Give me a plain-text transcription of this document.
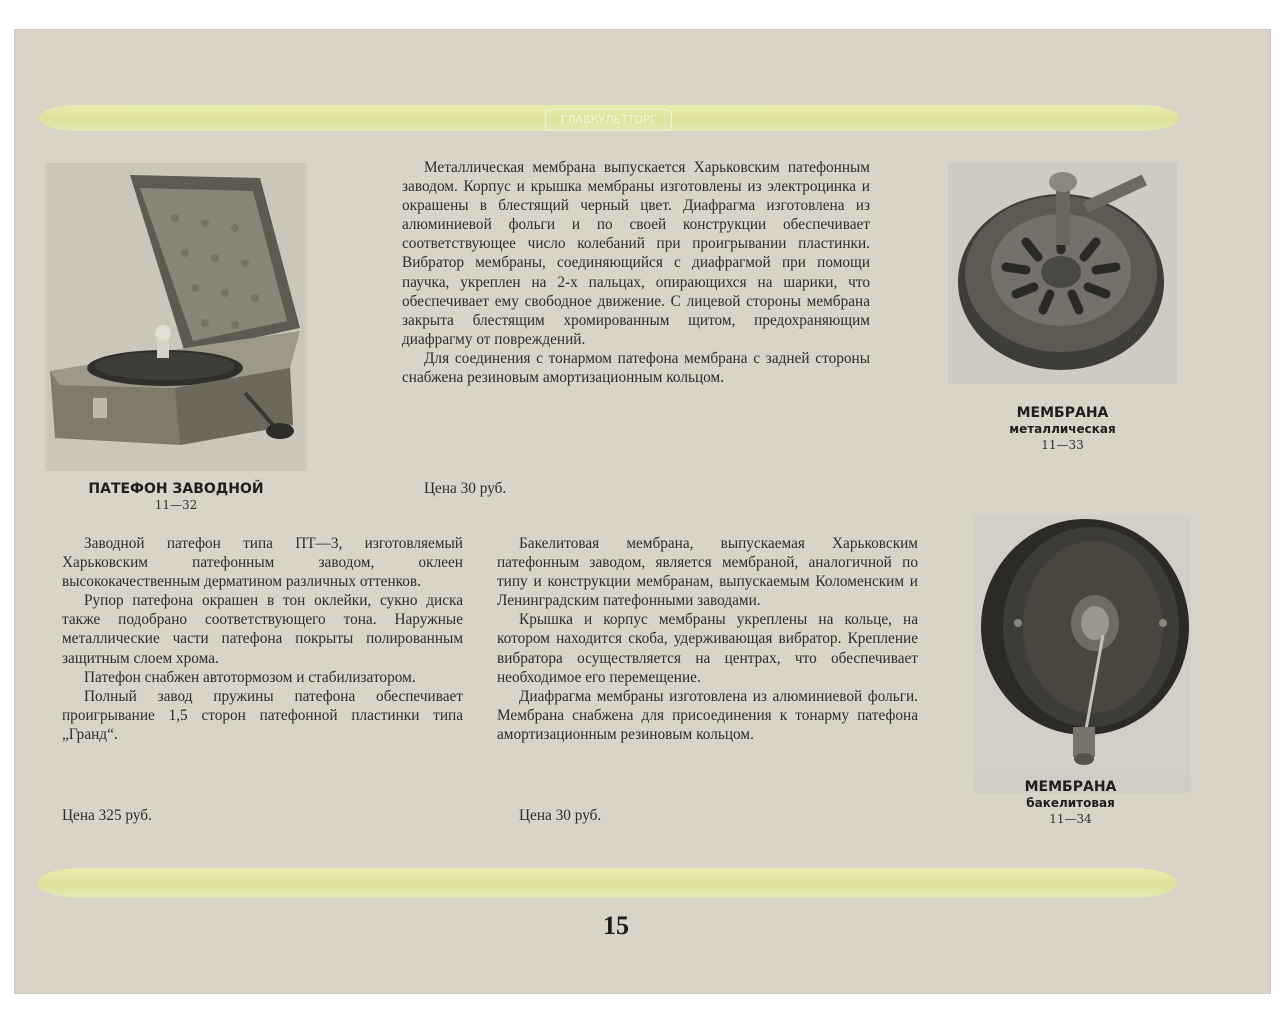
ГЛАВКУЛЬТТОРГ
ПАТЕФОН ЗАВОДНОЙ
11—32

Металлическая мембрана выпускается Харьковским патефонным заводом. Корпус и крышка мембраны изготовлены из электроцинка и окрашены в блестящий черный цвет. Диафрагма изготовлена из алюминиевой фольги и по своей конструкции обеспечивает соответствующее число колебаний при проигрывании пластинки. Вибратор мембраны, соединяющийся с диафрагмой при помощи паучка, укреплен на 2-х пальцах, опирающихся на шарики, что обеспечивает ему свободное движение. С лицевой стороны мембрана закрыта блестящим хромированным щитом, предохраняющим диафрагму от повреждений.

Для соединения с тонармом патефона мембрана с задней стороны снабжена резиновым амортизационным кольцом.

Цена 30 руб.
МЕМБРАНА
металлическая
11—33

Заводной патефон типа ПТ—3, изготовляемый Харьковским патефонным заводом, оклеен высококачественным дерматином различных оттенков.

Рупор патефона окрашен в тон оклейки, сукно диска также подобрано соответствующего тона. Наружные металлические части патефона покрыты полированным защитным слоем хрома.

Патефон снабжен автотормозом и стабилизатором.

Полный завод пружины патефона обеспечивает проигрывание 1,5 сторон патефонной пластинки типа „Гранд“.

Цена 325 руб.

Бакелитовая мембрана, выпускаемая Харьковским патефонным заводом, является мембраной, аналогичной по типу и конструкции мембранам, выпускаемым Коломенским и Ленинградским патефонными заводами.

Крышка и корпус мембраны укреплены на кольце, на котором находится скоба, удерживающая вибратор. Крепление вибратора осуществляется на центрах, что обеспечивает необходимое его перемещение.

Диафрагма мембраны изготовлена из алюминиевой фольги. Мембрана снабжена для присоединения к тонарму патефона амортизационным резиновым кольцом.

Цена 30 руб.
МЕМБРАНА
бакелитовая
11—34
15
